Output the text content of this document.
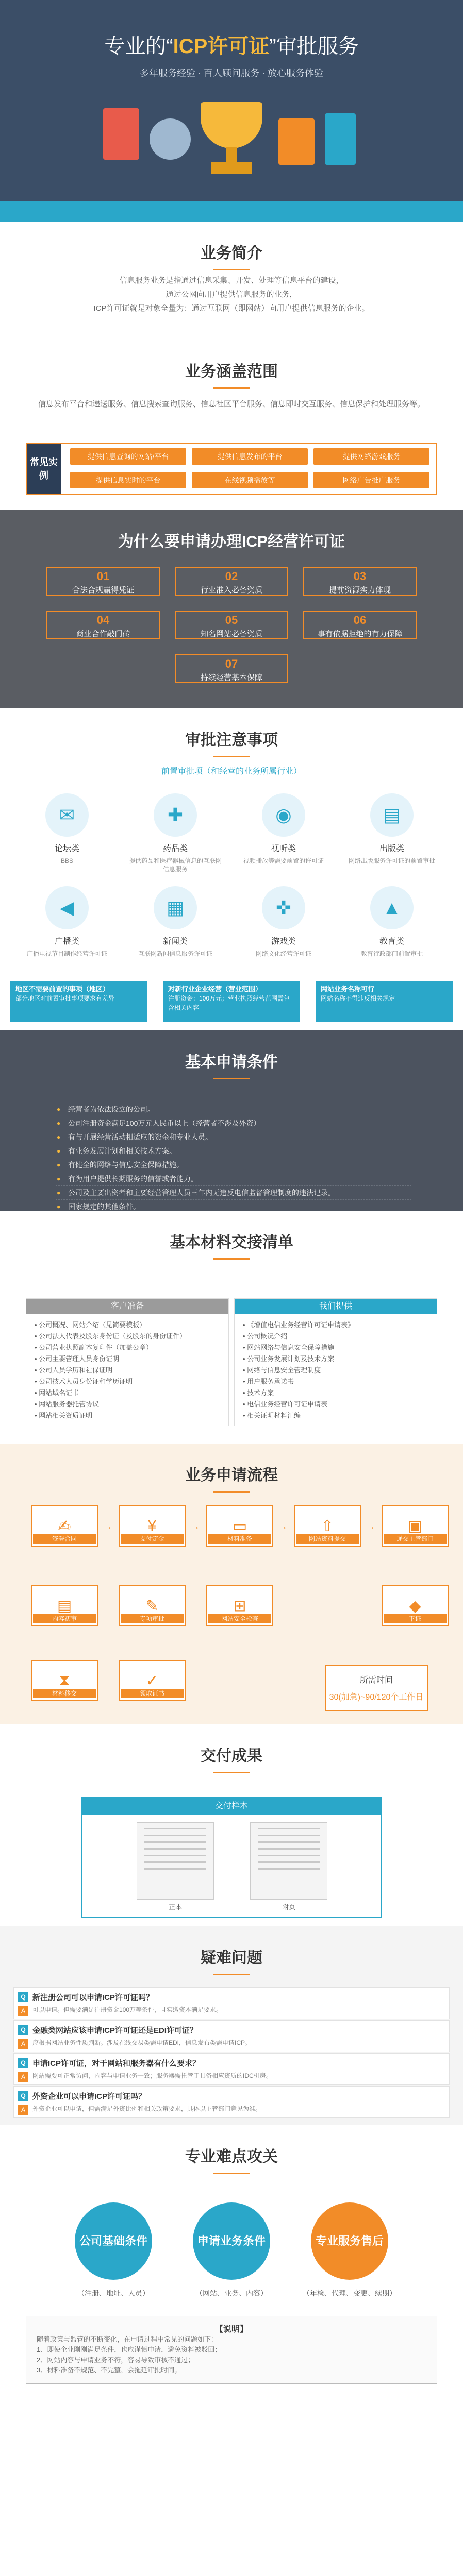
专业的“ICP许可证”审批服务
多年服务经验 · 百人顾问服务 · 放心服务体验
业务简介

信息服务业务是指通过信息采集、开发、处理等信息平台的建设，

通过公网向用户提供信息服务的业务，

ICP许可证就是对象全量为：通过互联网（即网站）向用户提供信息服务的企业。

业务涵盖范围
信息发布平台和递送服务、信息搜索查询服务、信息社区平台服务、信息即时交互服务、信息保护和处理服务等。
常见实例
提供信息查询的网站/平台	提供信息发布的平台	提供网络游戏服务
提供信息实时的平台	在线视频播放等	网络广告推广服务
为什么要申请办理ICP经营许可证
01
合法合规赢得凭证
02
行业准入必备资质
03
提前资源实力体现
04
商业合作敲门砖
05
知名网站必备资质
06
事有依据拒绝的有力保障
07
持续经营基本保障
审批注意事项
前置审批项（和经营的业务所属行业）
✉
论坛类
BBS
✚
药品类
提供药品和医疗器械信息的互联网信息服务
◉
视听类
视频播放等需要前置的许可证
▤
出版类
网络出版服务许可证的前置审批
◀
广播类
广播电视节目制作经营许可证
▦
新闻类
互联网新闻信息服务许可证
✜
游戏类
网络文化经营许可证
▲
教育类
教育行政部门前置审批
地区不需要前置的事项（地区）
部分地区对前置审批事项要求有差异
对新行业企业经营（营业范围）
注册资金：100万元；营业执照经营范围需包含相关内容
网站业务名称可行
网站名称不得违反相关规定
基本申请条件
● 经营者为依法设立的公司。
● 公司注册资金满足100万元人民币以上（经营者不涉及外资）
● 有与开展经营活动相适应的资金和专业人员。
● 有业务发展计划和相关技术方案。
● 有健全的网络与信息安全保障措施。
● 有为用户提供长期服务的信誉或者能力。
● 公司及主要出资者和主要经营管理人员三年内无违反电信监督管理制度的违法记录。
● 国家规定的其他条件。
基本材料交接清单
客户准备
• 公司概况、网站介绍（见简要模板）
• 公司法人代表及股东身份证（及股东的身份证件）
• 公司营业执照副本复印件（加盖公章）
• 公司主要管理人员身份证明
• 公司人员学历和社保证明
• 公司技术人员身份证和学历证明
• 网站域名证书
• 网站服务器托管协议
• 网站相关资质证明
我们提供
• 《增值电信业务经营许可证申请表》
• 公司概况介绍
• 网站网络与信息安全保障措施
• 公司业务发展计划及技术方案
• 网络与信息安全管理制度
• 用户服务承诺书
• 技术方案
• 电信业务经营许可证申请表
• 相关证明材料汇编
业务申请流程
✍
签署合同
→	¥
支付定金
→	▭
材料准备
→	⇧
网站资料提交
→	▣
递交主管部门
▤
内容初审
✎
专项审批
⊞
网站安全检查
◆
下证
⧗
材料移交
✓
领取证书
所需时间
30(加急)~90/120个工作日
交付成果
交付样本
正本	附页
疑难问题
Q 新注册公司可以申请ICP许可证吗？
A 可以申请。但需要满足注册资金100万等条件，且实缴资本满足要求。
Q 金融类网站应该申请ICP许可证还是EDI许可证？
A 应根据网站业务性质判断。涉及在线交易类需申请EDI，信息发布类需申请ICP。
Q 申请ICP许可证，对于网站和服务器有什么要求？
A 网站需要可正常访问，内容与申请业务一致；服务器需托管于具备相应资质的IDC机房。
Q 外资企业可以申请ICP许可证吗？
A 外资企业可以申请，但需满足外资比例和相关政策要求，具体以主管部门意见为准。
专业难点攻关
公司基础条件
（注册、地址、人员）
申请业务条件
（网站、业务、内容）
专业服务售后
（年检、代理、变更、续期）
【说明】

随着政策与监管的不断变化，在申请过程中常见的问题如下：

1、即使企业刚刚满足条件，也应谨慎申请，避免资料被驳回；

2、网站内容与申请业务不符，容易导致审核不通过；

3、材料准备不规范、不完整，会拖延审批时间。
